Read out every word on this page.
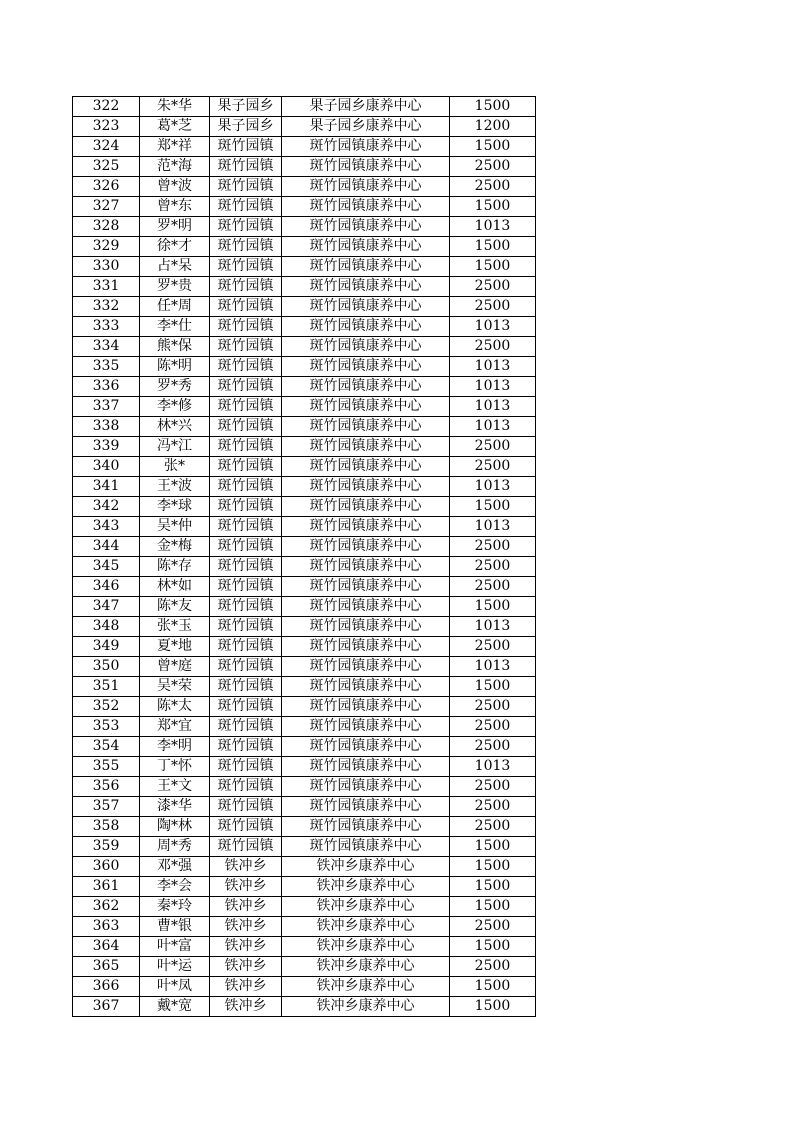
322	朱*华	果子园乡	果子园乡康养中心	1500
323	葛*芝	果子园乡	果子园乡康养中心	1200
324	郑*祥	斑竹园镇	斑竹园镇康养中心	1500
325	范*海	斑竹园镇	斑竹园镇康养中心	2500
326	曾*波	斑竹园镇	斑竹园镇康养中心	2500
327	曾*东	斑竹园镇	斑竹园镇康养中心	1500
328	罗*明	斑竹园镇	斑竹园镇康养中心	1013
329	徐*才	斑竹园镇	斑竹园镇康养中心	1500
330	占*呆	斑竹园镇	斑竹园镇康养中心	1500
331	罗*贵	斑竹园镇	斑竹园镇康养中心	2500
332	任*周	斑竹园镇	斑竹园镇康养中心	2500
333	李*仕	斑竹园镇	斑竹园镇康养中心	1013
334	熊*保	斑竹园镇	斑竹园镇康养中心	2500
335	陈*明	斑竹园镇	斑竹园镇康养中心	1013
336	罗*秀	斑竹园镇	斑竹园镇康养中心	1013
337	李*修	斑竹园镇	斑竹园镇康养中心	1013
338	林*兴	斑竹园镇	斑竹园镇康养中心	1013
339	冯*江	斑竹园镇	斑竹园镇康养中心	2500
340	张*	斑竹园镇	斑竹园镇康养中心	2500
341	王*波	斑竹园镇	斑竹园镇康养中心	1013
342	李*球	斑竹园镇	斑竹园镇康养中心	1500
343	吴*仲	斑竹园镇	斑竹园镇康养中心	1013
344	金*梅	斑竹园镇	斑竹园镇康养中心	2500
345	陈*存	斑竹园镇	斑竹园镇康养中心	2500
346	林*如	斑竹园镇	斑竹园镇康养中心	2500
347	陈*友	斑竹园镇	斑竹园镇康养中心	1500
348	张*玉	斑竹园镇	斑竹园镇康养中心	1013
349	夏*地	斑竹园镇	斑竹园镇康养中心	2500
350	曾*庭	斑竹园镇	斑竹园镇康养中心	1013
351	吴*荣	斑竹园镇	斑竹园镇康养中心	1500
352	陈*太	斑竹园镇	斑竹园镇康养中心	2500
353	郑*宜	斑竹园镇	斑竹园镇康养中心	2500
354	李*明	斑竹园镇	斑竹园镇康养中心	2500
355	丁*怀	斑竹园镇	斑竹园镇康养中心	1013
356	王*文	斑竹园镇	斑竹园镇康养中心	2500
357	漆*华	斑竹园镇	斑竹园镇康养中心	2500
358	陶*林	斑竹园镇	斑竹园镇康养中心	2500
359	周*秀	斑竹园镇	斑竹园镇康养中心	1500
360	邓*强	铁冲乡	铁冲乡康养中心	1500
361	李*会	铁冲乡	铁冲乡康养中心	1500
362	秦*玲	铁冲乡	铁冲乡康养中心	1500
363	曹*银	铁冲乡	铁冲乡康养中心	2500
364	叶*富	铁冲乡	铁冲乡康养中心	1500
365	叶*运	铁冲乡	铁冲乡康养中心	2500
366	叶*凤	铁冲乡	铁冲乡康养中心	1500
367	戴*宽	铁冲乡	铁冲乡康养中心	1500
